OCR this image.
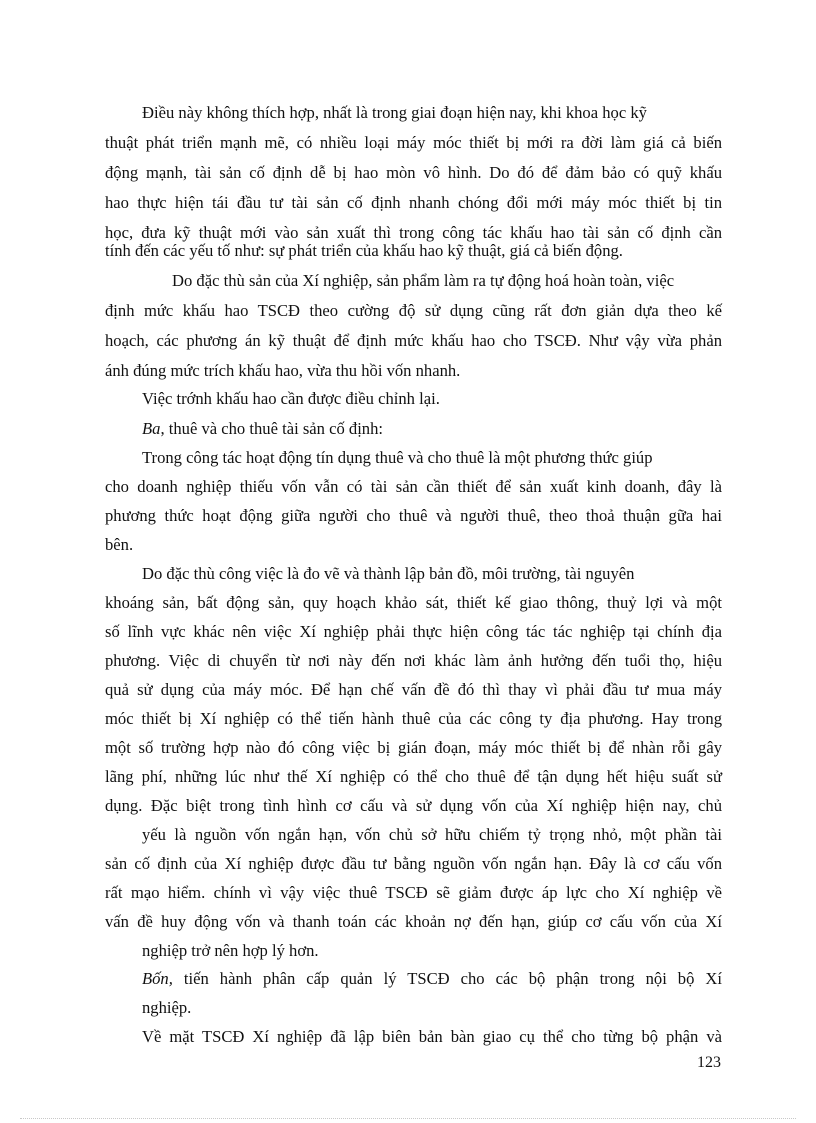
Điều này không thích hợp, nhất là trong giai đoạn hiện nay, khi khoa học kỹ
thuật phát triển mạnh mẽ, có nhiều loại máy móc thiết bị mới ra đời làm giá cả biến
động mạnh, tài sản cố định dễ bị hao mòn vô hình. Do đó để đảm bảo có quỹ khấu
hao thực hiện tái đầu tư tài sản cố định nhanh chóng đổi mới máy móc thiết bị tin
học, đưa kỹ thuật mới vào sản xuất thì trong công tác khấu hao tài sản cố định cần
tính đến các yếu tố như: sự phát triển của khấu hao kỹ thuật, giá cả biến động.
Do đặc thù sản của Xí nghiệp, sản phẩm làm ra tự động hoá hoàn toàn, việc
định mức khấu hao TSCĐ theo cường độ sử dụng cũng rất đơn giản dựa theo kế
hoạch, các phương án kỹ thuật để định mức khấu hao cho TSCĐ. Như vậy vừa phản
ánh đúng mức trích khấu hao, vừa thu hồi vốn nhanh.
Việc trớnh khấu hao cần được điều chỉnh lại.
Ba, thuê và cho thuê tài sản cố định:
Trong công tác hoạt động tín dụng thuê và cho thuê là một phương thức giúp
cho doanh nghiệp thiếu vốn vẫn có tài sản cần thiết để sản xuất kinh doanh, đây là
phương thức hoạt động giữa người cho thuê và người thuê, theo thoả thuận gữa hai
bên.
Do đặc thù công việc là đo vẽ và thành lập bản đồ, môi trường, tài nguyên
khoáng sản, bất động sản, quy hoạch khảo sát, thiết kế giao thông, thuỷ lợi và một
số lĩnh vực khác nên việc Xí nghiệp phải thực hiện công tác tác nghiệp tại chính địa
phương. Việc di chuyển từ nơi này đến nơi khác làm ảnh hưởng đến tuổi thọ, hiệu
quả sử dụng của máy móc. Để hạn chế vấn đề đó thì thay vì phải đầu tư mua máy
móc thiết bị Xí nghiệp có thể tiến hành thuê của các công ty địa phương. Hay trong
một số trường hợp nào đó công việc bị gián đoạn, máy móc thiết bị để nhàn rỗi gây
lãng phí, những lúc như thế Xí nghiệp có thể cho thuê để tận dụng hết hiệu suất sử
dụng. Đặc biệt trong tình hình cơ cấu và sử dụng vốn của Xí nghiệp hiện nay, chủ
yếu là nguồn vốn ngắn hạn, vốn chủ sở hữu chiếm tỷ trọng nhỏ, một phần tài
sản cố định của Xí nghiệp được đầu tư bằng nguồn vốn ngắn hạn. Đây là cơ cấu vốn
rất mạo hiểm. chính vì vậy việc thuê TSCĐ sẽ giảm được áp lực cho Xí nghiệp về
vấn đề huy động vốn và thanh toán các khoản nợ đến hạn, giúp cơ cấu vốn của Xí
nghiệp trở nên hợp lý hơn.
Bốn, tiến hành phân cấp quản lý TSCĐ cho các bộ phận trong nội bộ Xí
nghiệp.
Về mặt TSCĐ Xí nghiệp đã lập biên bản bàn giao cụ thể cho từng bộ phận và
123
